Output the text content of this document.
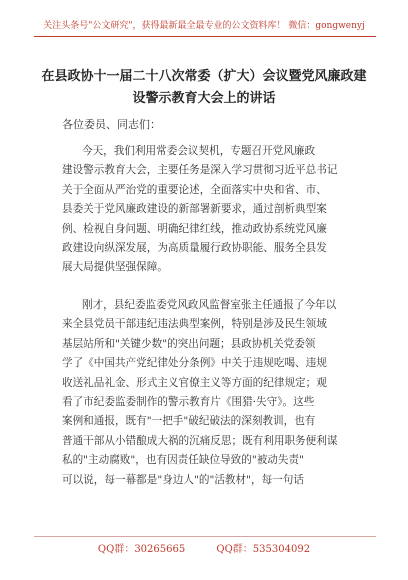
关注头条号"公文研究"，获得最新最全最专业的公文资料库！ 微信：gongwenyj
在县政协十一届二十八次常委（扩大）会议暨党风廉政建
设警示教育大会上的讲话
各位委员、同志们：
今天，我们利用常委会议契机，专题召开党风廉政
建设警示教育大会，主要任务是深入学习贯彻习近平总书记
关于全面从严治党的重要论述，全面落实中央和省、市、
县委关于党风廉政建设的新部署新要求，通过剖析典型案
例、检视自身问题、明确纪律红线，推动政协系统党风廉
政建设向纵深发展，为高质量履行政协职能、服务全县发
展大局提供坚强保障。
刚才，县纪委监委党风政风监督室张主任通报了今年以
来全县党员干部违纪违法典型案例，特别是涉及民生领域
基层站所和"关键少数"的突出问题；县政协机关党委领
学了《中国共产党纪律处分条例》中关于违规吃喝、违规
收送礼品礼金、形式主义官僚主义等方面的纪律规定；观
看了市纪委监委制作的警示教育片《围猎·失守》。这些
案例和通报，既有"一把手"破纪破法的深刻教训，也有
普通干部从小错酿成大祸的沉痛反思；既有利用职务便利谋
私的"主动腐败"，也有因责任缺位导致的"被动失责"
可以说，每一幕都是"身边人"的"活教材"，每一句话
QQ群：30265665	QQ群：535304092
